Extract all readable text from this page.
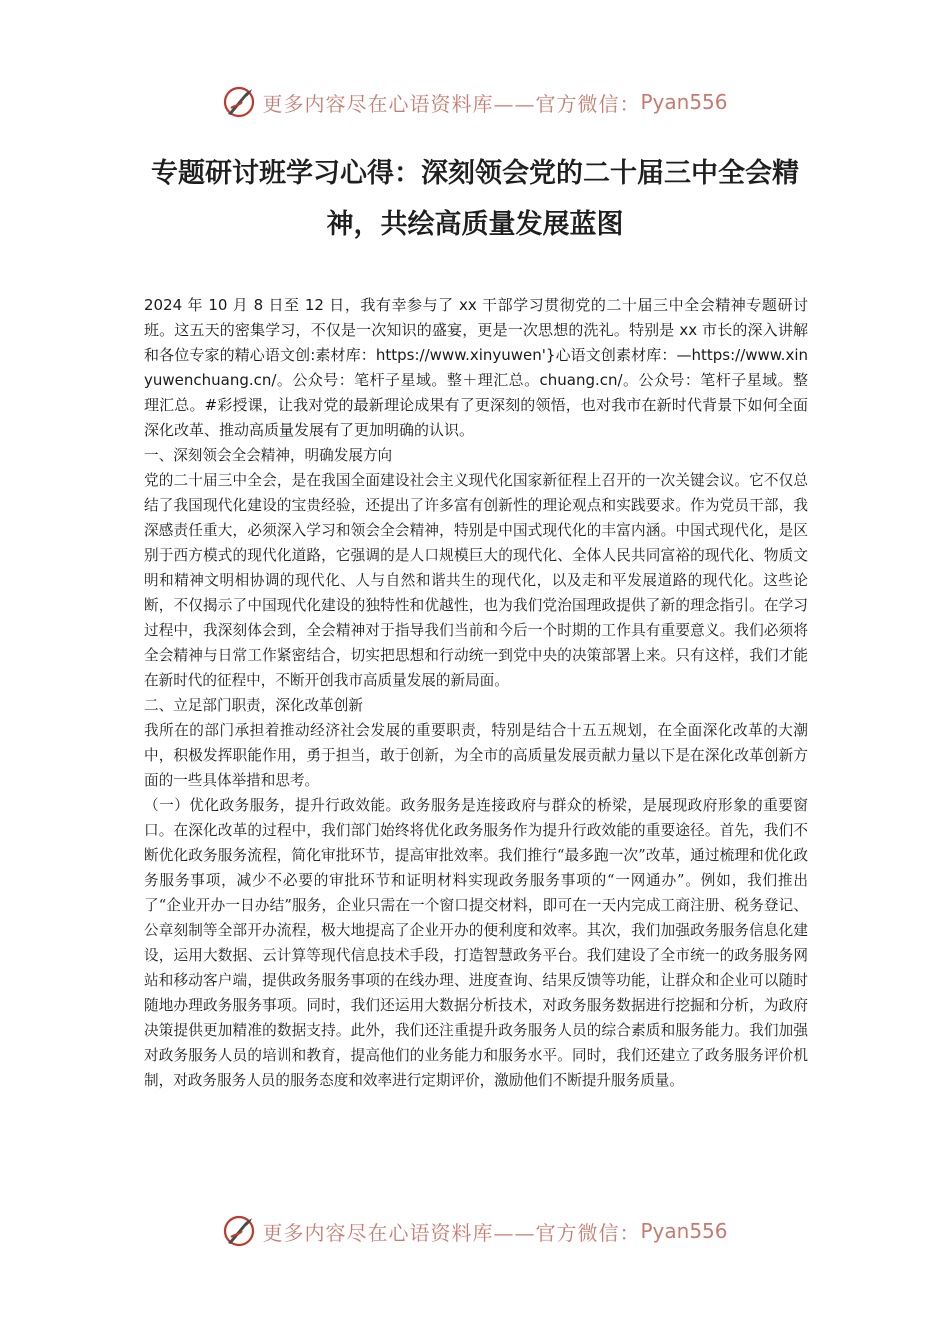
更多内容尽在心语资料库——官方微信： Pyan556
专题研讨班学习心得：深刻领会党的二十届三中全会精神，共绘高质量发展蓝图

2024 年 10 月 8 日至 12 日，我有幸参与了 xx 干部学习贯彻党的二十届三中全会精神专题研讨班。这五天的密集学习，不仅是一次知识的盛宴，更是一次思想的洗礼。特别是 xx 市长的深入讲解和各位专家的精心语文创:素材库：https://www.xinyuwen'}心语文创素材库：—https://www.xinyuwenchuang.cn/。公众号：笔杆子星域。整＋理汇总。chuang.cn/。公众号：笔杆子星域。整理汇总。#彩授课，让我对党的最新理论成果有了更深刻的领悟，也对我市在新时代背景下如何全面深化改革、推动高质量发展有了更加明确的认识。

一、深刻领会全会精神，明确发展方向

党的二十届三中全会，是在我国全面建设社会主义现代化国家新征程上召开的一次关键会议。它不仅总结了我国现代化建设的宝贵经验，还提出了许多富有创新性的理论观点和实践要求。作为党员干部，我深感责任重大，必须深入学习和领会全会精神，特别是中国式现代化的丰富内涵。中国式现代化，是区别于西方模式的现代化道路，它强调的是人口规模巨大的现代化、全体人民共同富裕的现代化、物质文明和精神文明相协调的现代化、人与自然和谐共生的现代化，以及走和平发展道路的现代化。这些论断，不仅揭示了中国现代化建设的独特性和优越性，也为我们党治国理政提供了新的理念指引。在学习过程中，我深刻体会到，全会精神对于指导我们当前和今后一个时期的工作具有重要意义。我们必须将全会精神与日常工作紧密结合，切实把思想和行动统一到党中央的决策部署上来。只有这样，我们才能在新时代的征程中，不断开创我市高质量发展的新局面。

二、立足部门职责，深化改革创新

我所在的部门承担着推动经济社会发展的重要职责，特别是结合十五五规划，在全面深化改革的大潮中，积极发挥职能作用，勇于担当，敢于创新，为全市的高质量发展贡献力量以下是在深化改革创新方面的一些具体举措和思考。

（一）优化政务服务，提升行政效能。政务服务是连接政府与群众的桥梁，是展现政府形象的重要窗口。在深化改革的过程中，我们部门始终将优化政务服务作为提升行政效能的重要途径。首先，我们不断优化政务服务流程，简化审批环节，提高审批效率。我们推行“最多跑一次”改革，通过梳理和优化政务服务事项，减少不必要的审批环节和证明材料实现政务服务事项的“一网通办”。例如，我们推出了“企业开办一日办结”服务，企业只需在一个窗口提交材料，即可在一天内完成工商注册、税务登记、公章刻制等全部开办流程，极大地提高了企业开办的便利度和效率。其次，我们加强政务服务信息化建设，运用大数据、云计算等现代信息技术手段，打造智慧政务平台。我们建设了全市统一的政务服务网站和移动客户端，提供政务服务事项的在线办理、进度查询、结果反馈等功能，让群众和企业可以随时随地办理政务服务事项。同时，我们还运用大数据分析技术，对政务服务数据进行挖掘和分析，为政府决策提供更加精准的数据支持。此外，我们还注重提升政务服务人员的综合素质和服务能力。我们加强对政务服务人员的培训和教育，提高他们的业务能力和服务水平。同时，我们还建立了政务服务评价机制，对政务服务人员的服务态度和效率进行定期评价，激励他们不断提升服务质量。

更多内容尽在心语资料库——官方微信： Pyan556
